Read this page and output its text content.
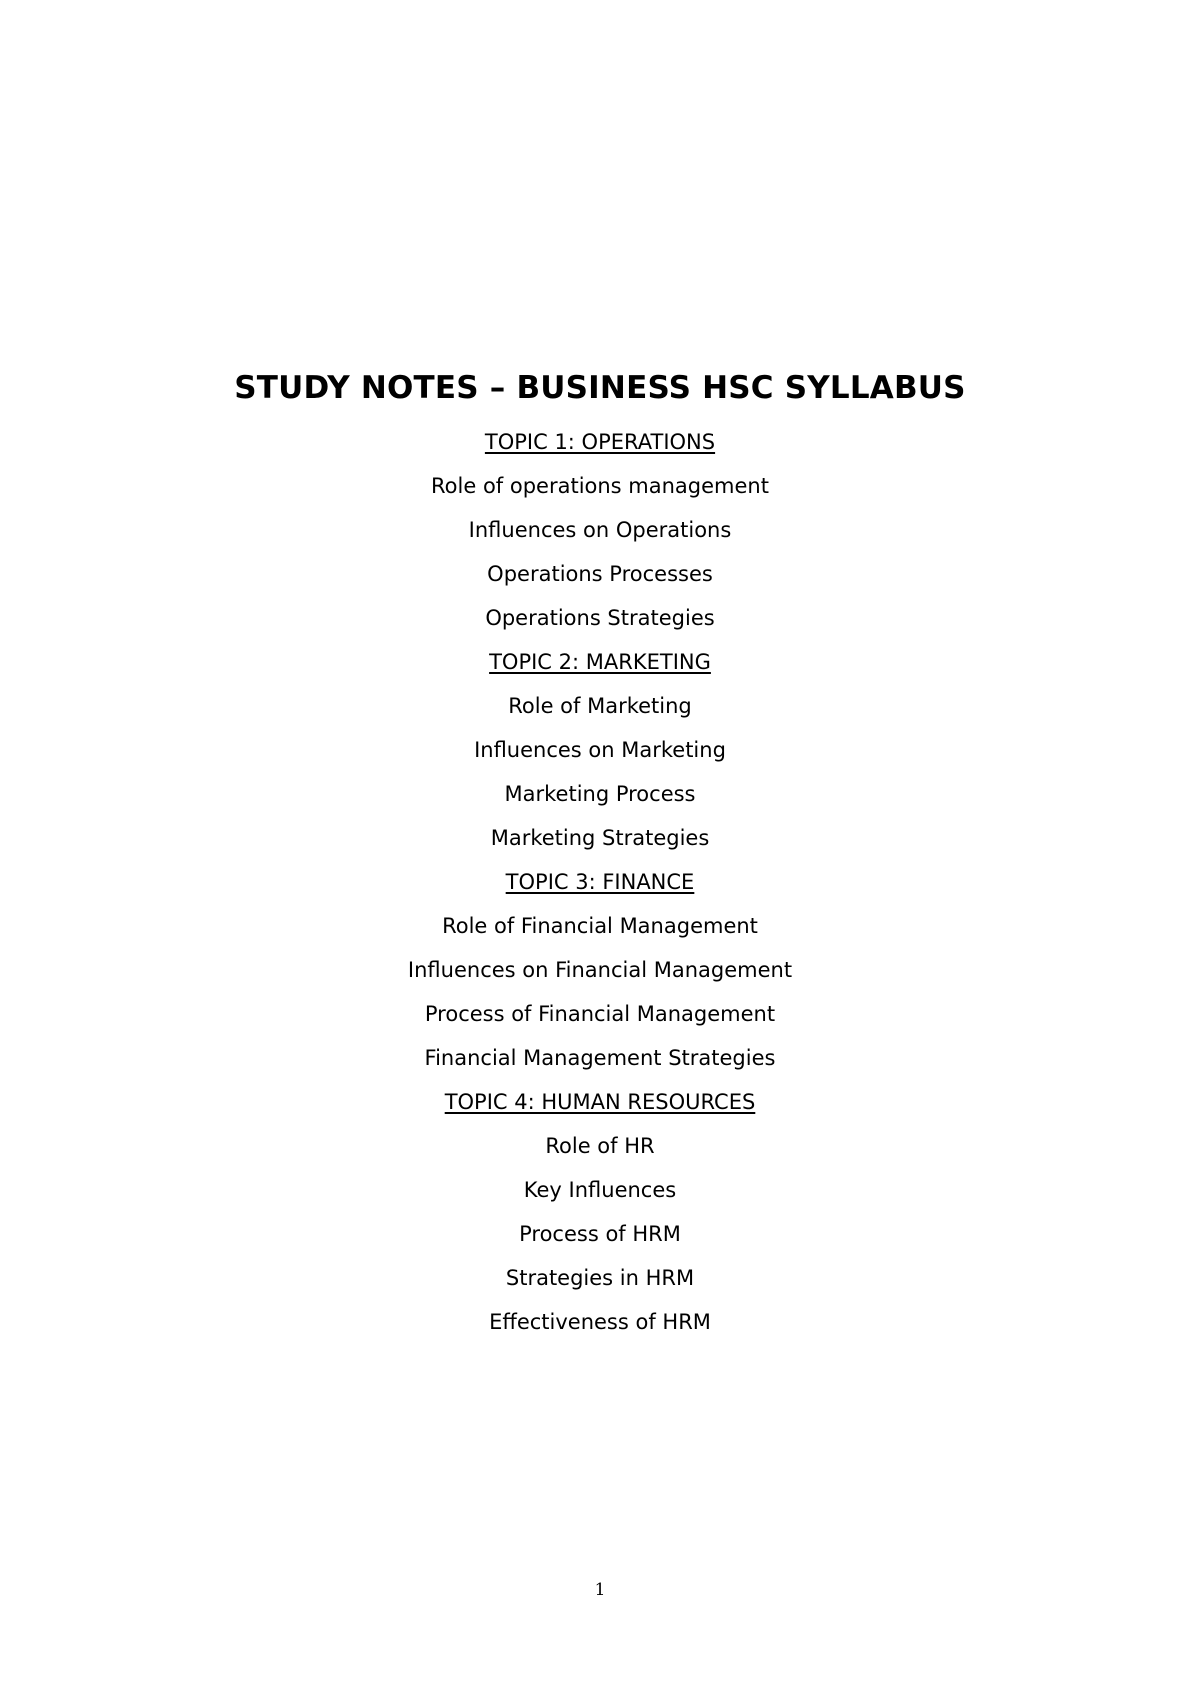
STUDY NOTES – BUSINESS HSC SYLLABUS
TOPIC 1: OPERATIONS
Role of operations management
Influences on Operations
Operations Processes
Operations Strategies
TOPIC 2: MARKETING
Role of Marketing
Influences on Marketing
Marketing Process
Marketing Strategies
TOPIC 3: FINANCE
Role of Financial Management
Influences on Financial Management
Process of Financial Management
Financial Management Strategies
TOPIC 4: HUMAN RESOURCES
Role of HR
Key Influences
Process of HRM
Strategies in HRM
Effectiveness of HRM
1
